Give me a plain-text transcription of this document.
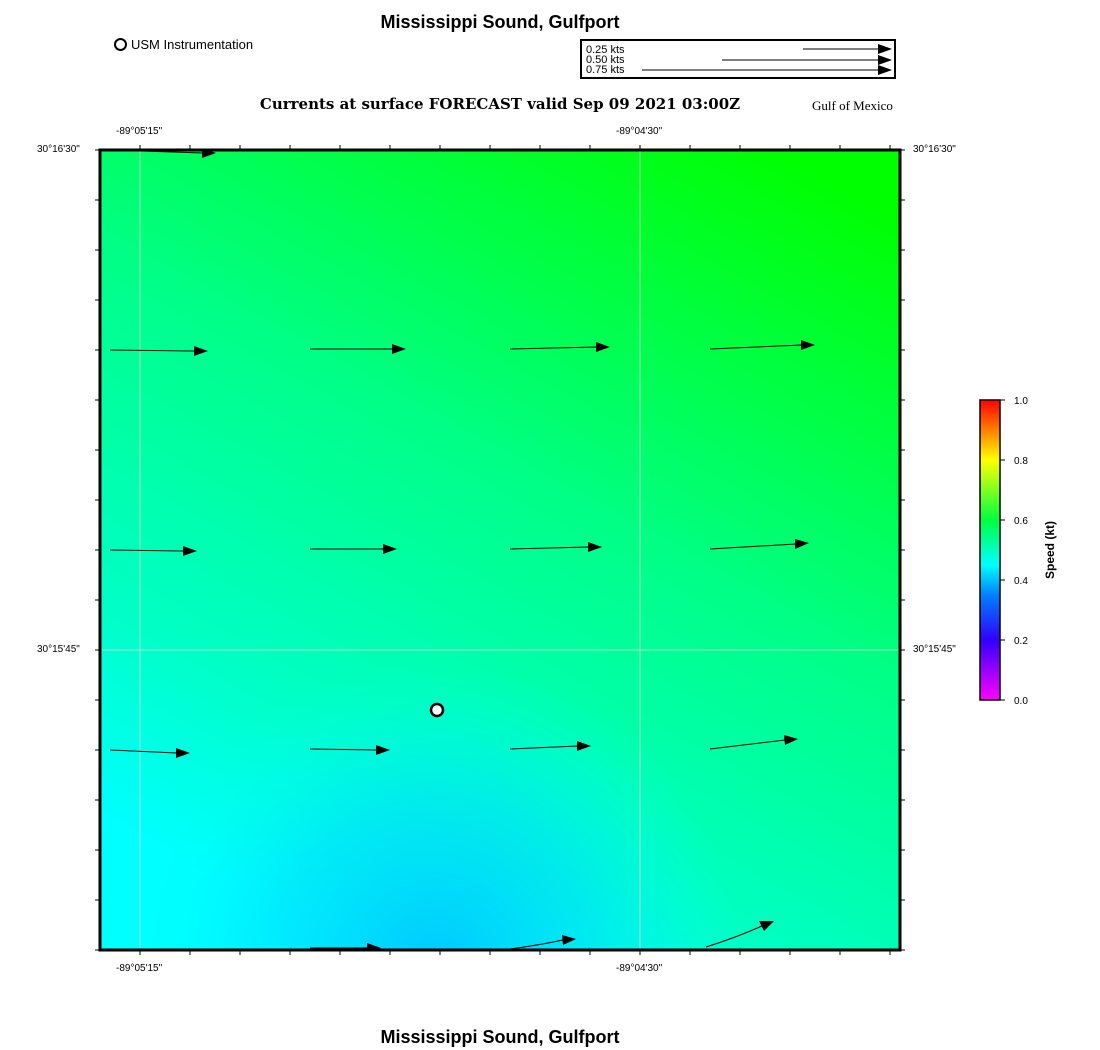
Mississippi Sound, Gulfport
USM Instrumentation	0.25 kts
0.50 kts
0.75 kts
Currents at surface FORECAST valid Sep 09 2021 03:00Z	Gulf of Mexico
-89°05'15"	-89°04'30"
-89°05'15"	-89°04'30"
30°16'30"
30°15'45"
30°16'30"
30°15'45"
0.0
0.2
0.4
0.6
0.8
1.0
Speed (kt)
Mississippi Sound, Gulfport
